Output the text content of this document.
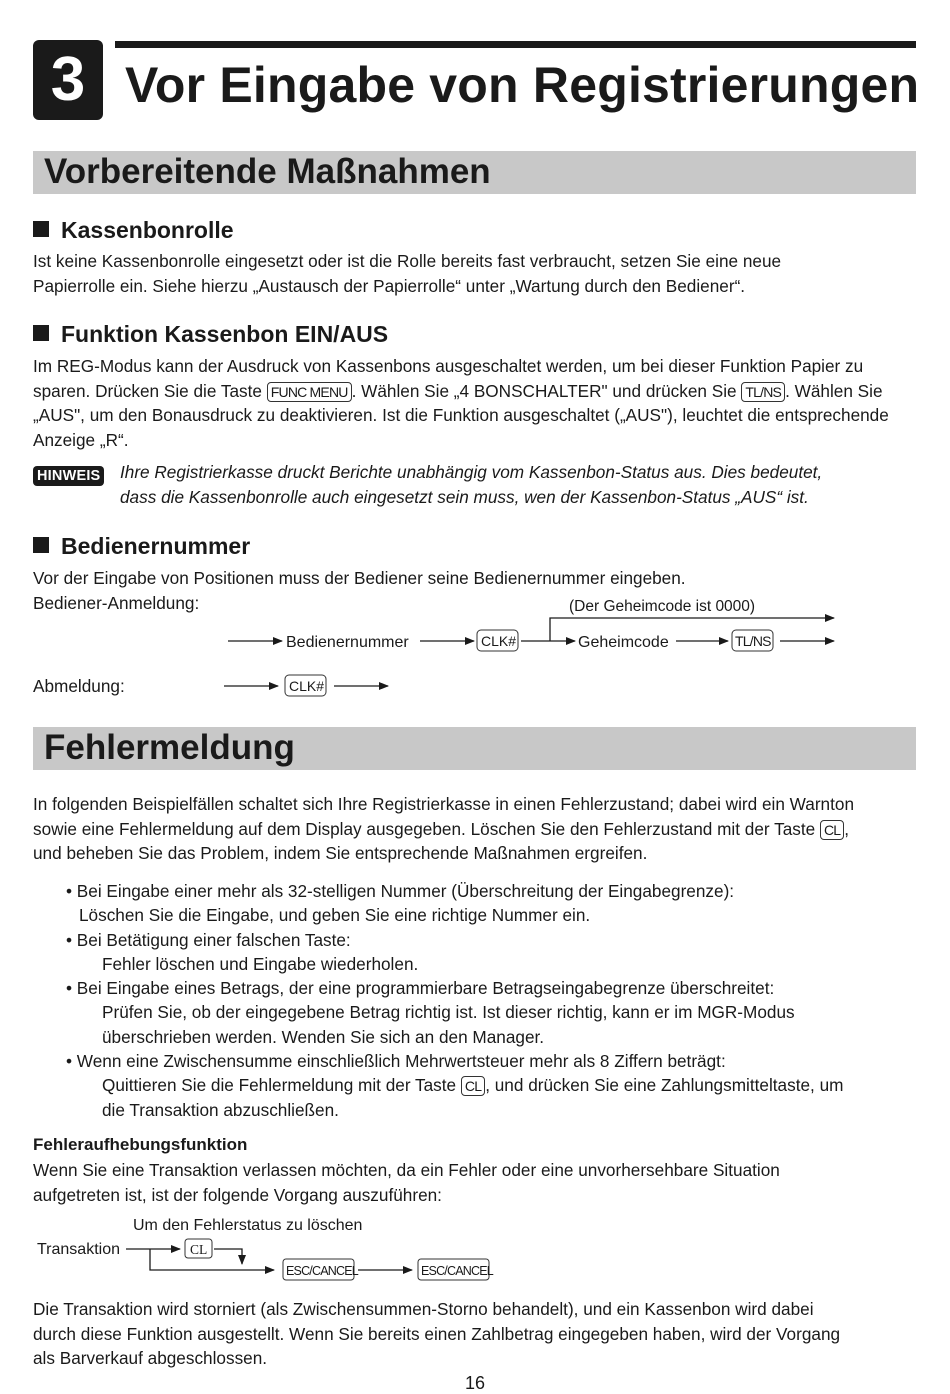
3 Vor Eingabe von Registrierungen
Vorbereitende Maßnahmen
Kassenbonrolle
Ist keine Kassenbonrolle eingesetzt oder ist die Rolle bereits fast verbraucht, setzen Sie eine neue
Papierrolle ein. Siehe hierzu „Austausch der Papierrolle“ unter „Wartung durch den Bediener“.
Funktion Kassenbon EIN/AUS
Im REG-Modus kann der Ausdruck von Kassenbons ausgeschaltet werden, um bei dieser Funktion Papier zu
sparen. Drücken Sie die Taste FUNC MENU . Wählen Sie „4 BONSCHALTER" und drücken Sie TL/NS . Wählen Sie
„AUS", um den Bonausdruck zu deaktivieren. Ist die Funktion ausgeschaltet („AUS"), leuchtet die entsprechende
Anzeige „R“.
HINWEIS Ihre Registrierkasse druckt Berichte unabhängig vom Kassenbon-Status aus. Dies bedeutet,
dass die Kassenbonrolle auch eingesetzt sein muss, wen der Kassenbon-Status „AUS“ ist.
Bedienernummer
Vor der Eingabe von Positionen muss der Bediener seine Bedienernummer eingeben.
Bediener-Anmeldung:	(Der Geheimcode ist 0000)
Bedienernummer	CLK#	Geheimcode	TL/NS
CLK#
Abmeldung:
Fehlermeldung
In folgenden Beispielfällen schaltet sich Ihre Registrierkasse in einen Fehlerzustand; dabei wird ein Warnton
sowie eine Fehlermeldung auf dem Display ausgegeben. Löschen Sie den Fehlerzustand mit der Taste CL ,
und beheben Sie das Problem, indem Sie entsprechende Maßnahmen ergreifen.
• Bei Eingabe einer mehr als 32-stelligen Nummer (Überschreitung der Eingabegrenze):
Löschen Sie die Eingabe, und geben Sie eine richtige Nummer ein.
• Bei Betätigung einer falschen Taste:
Fehler löschen und Eingabe wiederholen.
• Bei Eingabe eines Betrags, der eine programmierbare Betragseingabegrenze überschreitet:
Prüfen Sie, ob der eingegebene Betrag richtig ist. Ist dieser richtig, kann er im MGR-Modus
überschrieben werden. Wenden Sie sich an den Manager.
• Wenn eine Zwischensumme einschließlich Mehrwertsteuer mehr als 8 Ziffern beträgt:
Quittieren Sie die Fehlermeldung mit der Taste CL , und drücken Sie eine Zahlungsmitteltaste, um
die Transaktion abzuschließen.
Fehleraufhebungsfunktion
Wenn Sie eine Transaktion verlassen möchten, da ein Fehler oder eine unvorhersehbare Situation
aufgetreten ist, ist der folgende Vorgang auszuführen:
Um den Fehlerstatus zu löschen
Transaktion	CL
ESC/CANCEL	ESC/CANCEL
Die Transaktion wird storniert (als Zwischensummen-Storno behandelt), und ein Kassenbon wird dabei
durch diese Funktion ausgestellt. Wenn Sie bereits einen Zahlbetrag eingegeben haben, wird der Vorgang
als Barverkauf abgeschlossen.
16
